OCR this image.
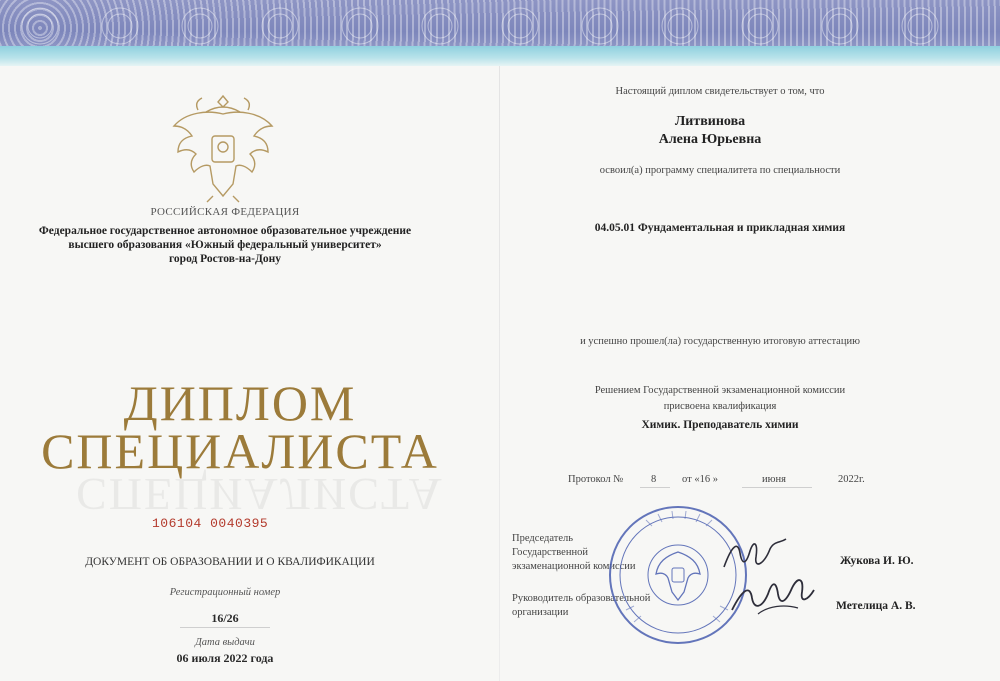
РОССИЙСКАЯ ФЕДЕРАЦИЯ
Федеральное государственное автономное образовательное учреждение
высшего образования «Южный федеральный университет»
город Ростов-на-Дону
ДИПЛОМ
СПЕЦИАЛИСТА
СПЕЦИАЛИСТА
106104 0040395
ДОКУМЕНТ ОБ ОБРАЗОВАНИИ И О КВАЛИФИКАЦИИ
Регистрационный номер
16/26
Дата выдачи
06 июля 2022 года
Настоящий диплом свидетельствует о том, что
Литвинова
Алена Юрьевна
освоил(а) программу специалитета по специальности
04.05.01 Фундаментальная и прикладная химия
и успешно прошел(ла) государственную итоговую аттестацию
Решением Государственной экзаменационной комиссии
присвоена квалификация
Химик. Преподаватель химии
Протокол №	8 от «16 »	июня	2022г.
Председатель
Государственной
экзаменационной комиссии	Жукова И. Ю.
Руководитель образовательной
организации
Метелица А. В.
